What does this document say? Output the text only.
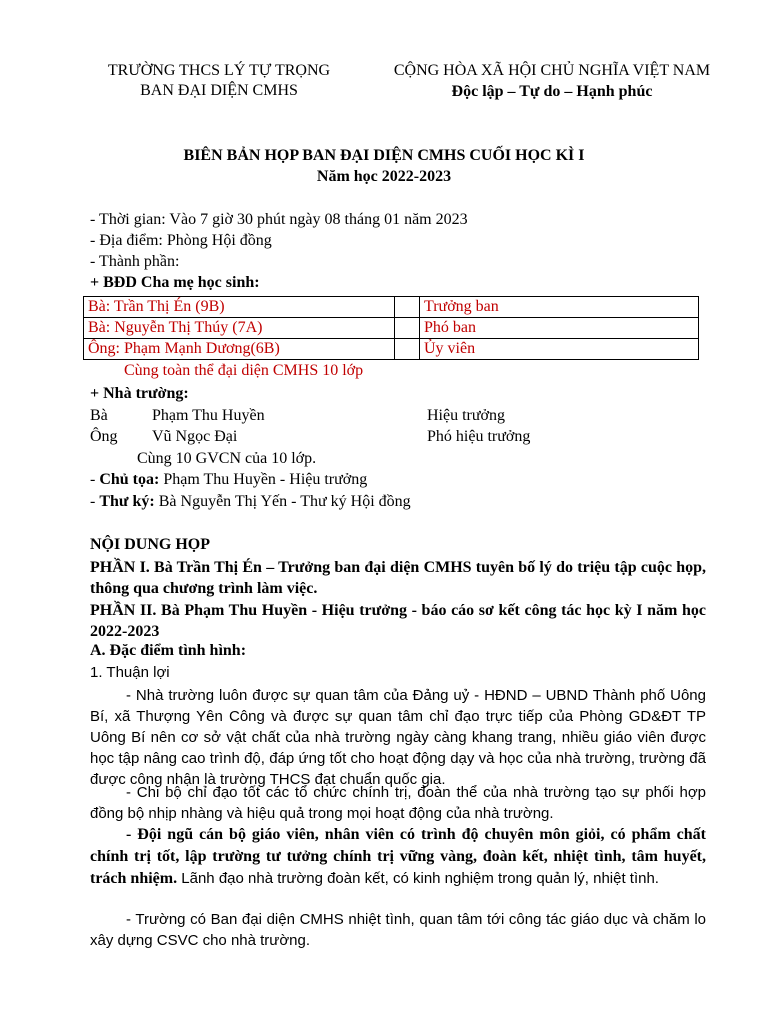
TRƯỜNG THCS LÝ TỰ TRỌNG
BAN ĐẠI DIỆN CMHS
CỘNG HÒA XÃ HỘI CHỦ NGHĨA VIỆT NAM
Độc lập – Tự do – Hạnh phúc
BIÊN BẢN HỌP BAN ĐẠI DIỆN CMHS CUỐI HỌC KÌ I
Năm học 2022-2023
- Thời gian: Vào 7 giờ 30 phút ngày 08 tháng 01 năm 2023
- Địa điểm: Phòng Hội đồng
- Thành phần:
+ BĐD Cha mẹ học sinh:
Bà: Trần Thị Én (9B)		Trưởng ban
Bà: Nguyễn Thị Thúy (7A)		Phó ban
Ông: Phạm Mạnh Dương(6B)		Ủy viên
Cùng toàn thể đại diện CMHS 10 lớp
+ Nhà trường:
Bà	Phạm Thu Huyền	Hiệu trưởng
Ông Vũ Ngọc Đại	Phó hiệu trưởng
Cùng 10 GVCN của 10 lớp.
- Chủ tọa: Phạm Thu Huyền - Hiệu trưởng
- Thư ký: Bà Nguyễn Thị Yến - Thư ký Hội đồng
NỘI DUNG HỌP
PHẦN I. Bà Trần Thị Én – Trưởng ban đại diện CMHS tuyên bố lý do triệu tập cuộc họp, thông qua chương trình làm việc.
PHẦN II. Bà Phạm Thu Huyền - Hiệu trưởng - báo cáo sơ kết công tác học kỳ I năm học 2022-2023
A. Đặc điểm tình hình:
1. Thuận lợi
- Nhà trường luôn được sự quan tâm của Đảng uỷ - HĐND – UBND Thành phố Uông Bí, xã Thượng Yên Công và được sự quan tâm chỉ đạo trực tiếp của Phòng GD&ĐT TP Uông Bí nên cơ sở vật chất của nhà trường ngày càng khang trang, nhiều giáo viên được học tập nâng cao trình độ, đáp ứng tốt cho hoạt động dạy và học của nhà trường, trường đã được công nhận là trường THCS đạt chuẩn quốc gia.
- Chi bộ chỉ đạo tốt các tổ chức chính trị, đoàn thể của nhà trường tạo sự phối hợp đồng bộ nhịp nhàng và hiệu quả trong mọi hoạt động của nhà trường.
- Đội ngũ cán bộ giáo viên, nhân viên có trình độ chuyên môn giỏi, có phẩm chất chính trị tốt, lập trường tư tưởng chính trị vững vàng, đoàn kết, nhiệt tình, tâm huyết, trách nhiệm. Lãnh đạo nhà trường đoàn kết, có kinh nghiệm trong quản lý, nhiệt tình.
- Trường có Ban đại diện CMHS nhiệt tình, quan tâm tới công tác giáo dục và chăm lo xây dựng CSVC cho nhà trường.
